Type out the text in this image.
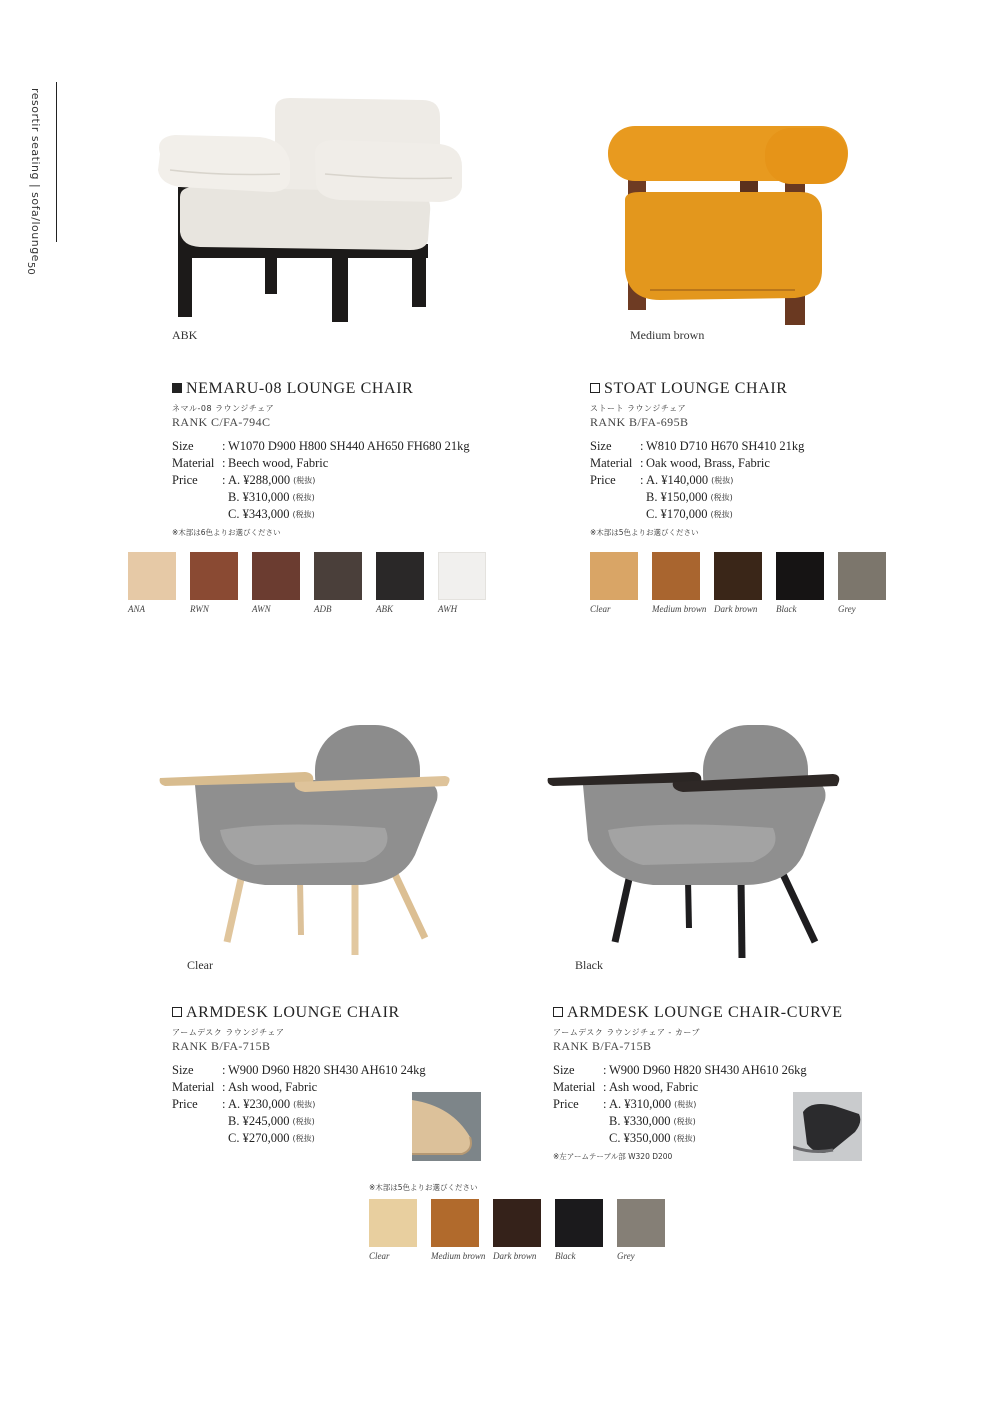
resortir seating | sofa/lounge
50
ABK
NEMARU-08 LOUNGE CHAIR
ネマル-08 ラウンジチェア
RANK C/FA-794C
Size	: W1070 D900 H800 SH440 AH650 FH680 21kg
Material : Beech wood, Fabric
Price	: A. ¥288,000 (税抜)
B. ¥310,000 (税抜)
C. ¥343,000 (税抜)
※木部は6色よりお選びください
ANA	RWN	AWN	ADB	ABK	AWH
Medium brown
STOAT LOUNGE CHAIR
ストート ラウンジチェア
RANK B/FA-695B
Size	: W810 D710 H670 SH410 21kg
Material : Oak wood, Brass, Fabric
Price	: A. ¥140,000 (税抜)
B. ¥150,000 (税抜)
C. ¥170,000 (税抜)
※木部は5色よりお選びください
Clear	Medium brown Dark brown Black	Grey
Clear
ARMDESK LOUNGE CHAIR
アームデスク ラウンジチェア
RANK B/FA-715B
Size	: W900 D960 H820 SH430 AH610 24kg
Material : Ash wood, Fabric
Price	: A. ¥230,000 (税抜)
B. ¥245,000 (税抜)
C. ¥270,000 (税抜)
Black
ARMDESK LOUNGE CHAIR-CURVE
アームデスク ラウンジチェア - カーブ
RANK B/FA-715B
Size	: W900 D960 H820 SH430 AH610 26kg
Material : Ash wood, Fabric
Price	: A. ¥310,000 (税抜)
B. ¥330,000 (税抜)
C. ¥350,000 (税抜)
※左アームテーブル部 W320 D200
※木部は5色よりお選びください
Clear	Medium brown Dark brown Black	Grey
